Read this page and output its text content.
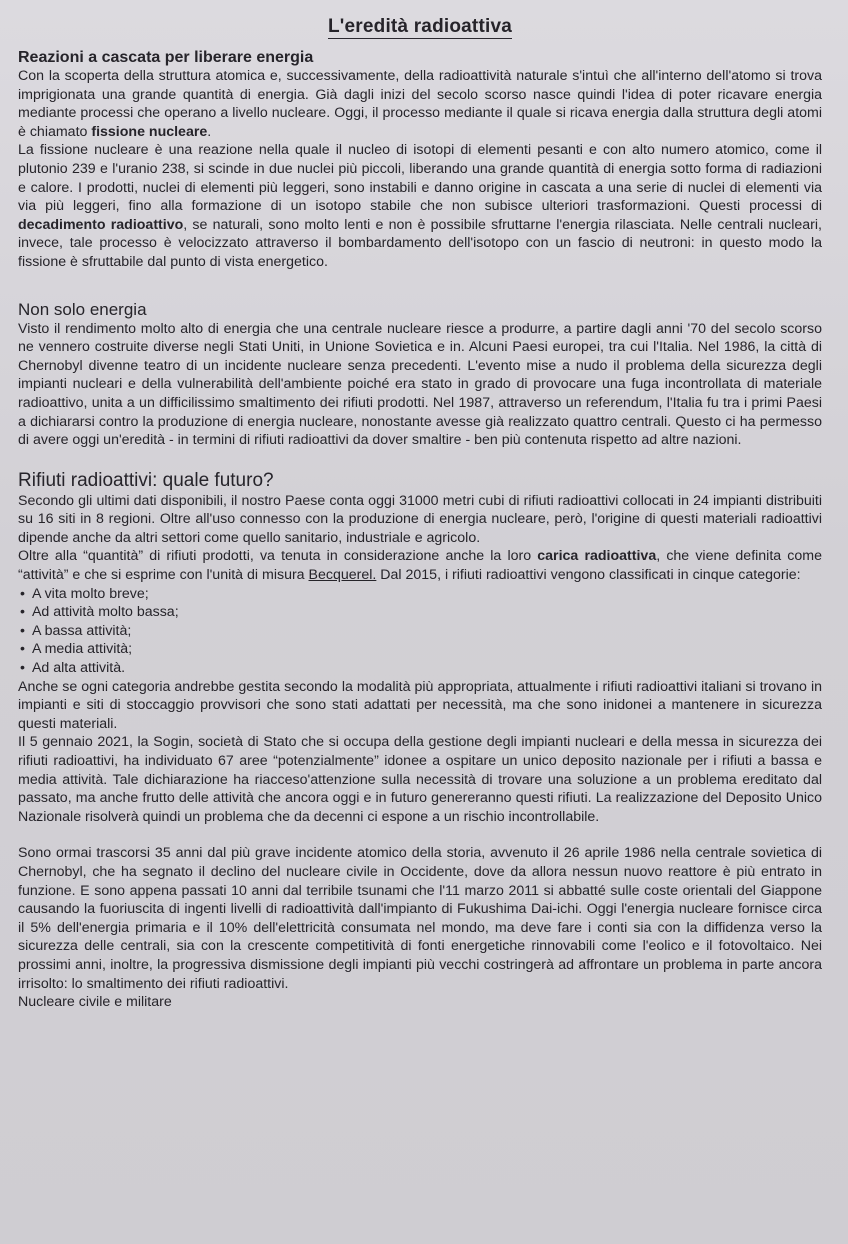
L'eredità radioattiva
Reazioni a cascata per liberare energia

Con la scoperta della struttura atomica e, successivamente, della radioattività naturale s'intuì che all'interno dell'atomo si trova imprigionata una grande quantità di energia. Già dagli inizi del secolo scorso nasce quindi l'idea di poter ricavare energia mediante processi che operano a livello nucleare. Oggi, il processo mediante il quale si ricava energia dalla struttura degli atomi è chiamato fissione nucleare.

La fissione nucleare è una reazione nella quale il nucleo di isotopi di elementi pesanti e con alto numero atomico, come il plutonio 239 e l'uranio 238, si scinde in due nuclei più piccoli, liberando una grande quantità di energia sotto forma di radiazioni e calore. I prodotti, nuclei di elementi più leggeri, sono instabili e danno origine in cascata a una serie di nuclei di elementi via via più leggeri, fino alla formazione di un isotopo stabile che non subisce ulteriori trasformazioni. Questi processi di decadimento radioattivo, se naturali, sono molto lenti e non è possibile sfruttarne l'energia rilasciata. Nelle centrali nucleari, invece, tale processo è velocizzato attraverso il bombardamento dell'isotopo con un fascio di neutroni: in questo modo la fissione è sfruttabile dal punto di vista energetico.

Non solo energia

Visto il rendimento molto alto di energia che una centrale nucleare riesce a produrre, a partire dagli anni '70 del secolo scorso ne vennero costruite diverse negli Stati Uniti, in Unione Sovietica e in. Alcuni Paesi europei, tra cui l'Italia. Nel 1986, la città di Chernobyl divenne teatro di un incidente nucleare senza precedenti. L'evento mise a nudo il problema della sicurezza degli impianti nucleari e della vulnerabilità dell'ambiente poiché era stato in grado di provocare una fuga incontrollata di materiale radioattivo, unita a un difficilissimo smaltimento dei rifiuti prodotti. Nel 1987, attraverso un referendum, l'Italia fu tra i primi Paesi a dichiararsi contro la produzione di energia nucleare, nonostante avesse già realizzato quattro centrali. Questo ci ha permesso di avere oggi un'eredità - in termini di rifiuti radioattivi da dover smaltire - ben più contenuta rispetto ad altre nazioni.

Rifiuti radioattivi: quale futuro?

Secondo gli ultimi dati disponibili, il nostro Paese conta oggi 31000 metri cubi di rifiuti radioattivi collocati in 24 impianti distribuiti su 16 siti in 8 regioni. Oltre all'uso connesso con la produzione di energia nucleare, però, l'origine di questi materiali radioattivi dipende anche da altri settori come quello sanitario, industriale e agricolo.

Oltre alla “quantità” di rifiuti prodotti, va tenuta in considerazione anche la loro carica radioattiva, che viene definita come “attività” e che si esprime con l'unità di misura Becquerel. Dal 2015, i rifiuti radioattivi vengono classificati in cinque categorie:

• A vita molto breve;
• Ad attività molto bassa;
• A bassa attività;
• A media attività;
• Ad alta attività.

Anche se ogni categoria andrebbe gestita secondo la modalità più appropriata, attualmente i rifiuti radioattivi italiani si trovano in impianti e siti di stoccaggio provvisori che sono stati adattati per necessità, ma che sono inidonei a mantenere in sicurezza questi materiali.

Il 5 gennaio 2021, la Sogin, società di Stato che si occupa della gestione degli impianti nucleari e della messa in sicurezza dei rifiuti radioattivi, ha individuato 67 aree “potenzialmente” idonee a ospitare un unico deposito nazionale per i rifiuti a bassa e media attività. Tale dichiarazione ha riacceso'attenzione sulla necessità di trovare una soluzione a un problema ereditato dal passato, ma anche frutto delle attività che ancora oggi e in futuro genereranno questi rifiuti. La realizzazione del Deposito Unico Nazionale risolverà quindi un problema che da decenni ci espone a un rischio incontrollabile.

Sono ormai trascorsi 35 anni dal più grave incidente atomico della storia, avvenuto il 26 aprile 1986 nella centrale sovietica di Chernobyl, che ha segnato il declino del nucleare civile in Occidente, dove da allora nessun nuovo reattore è più entrato in funzione. E sono appena passati 10 anni dal terribile tsunami che l'11 marzo 2011 si abbatté sulle coste orientali del Giappone causando la fuoriuscita di ingenti livelli di radioattività dall'impianto di Fukushima Dai-ichi. Oggi l'energia nucleare fornisce circa il 5% dell'energia primaria e il 10% dell'elettricità consumata nel mondo, ma deve fare i conti sia con la diffidenza verso la sicurezza delle centrali, sia con la crescente competitività di fonti energetiche rinnovabili come l'eolico e il fotovoltaico. Nei prossimi anni, inoltre, la progressiva dismissione degli impianti più vecchi costringerà ad affrontare un problema in parte ancora irrisolto: lo smaltimento dei rifiuti radioattivi.

Nucleare civile e militare
